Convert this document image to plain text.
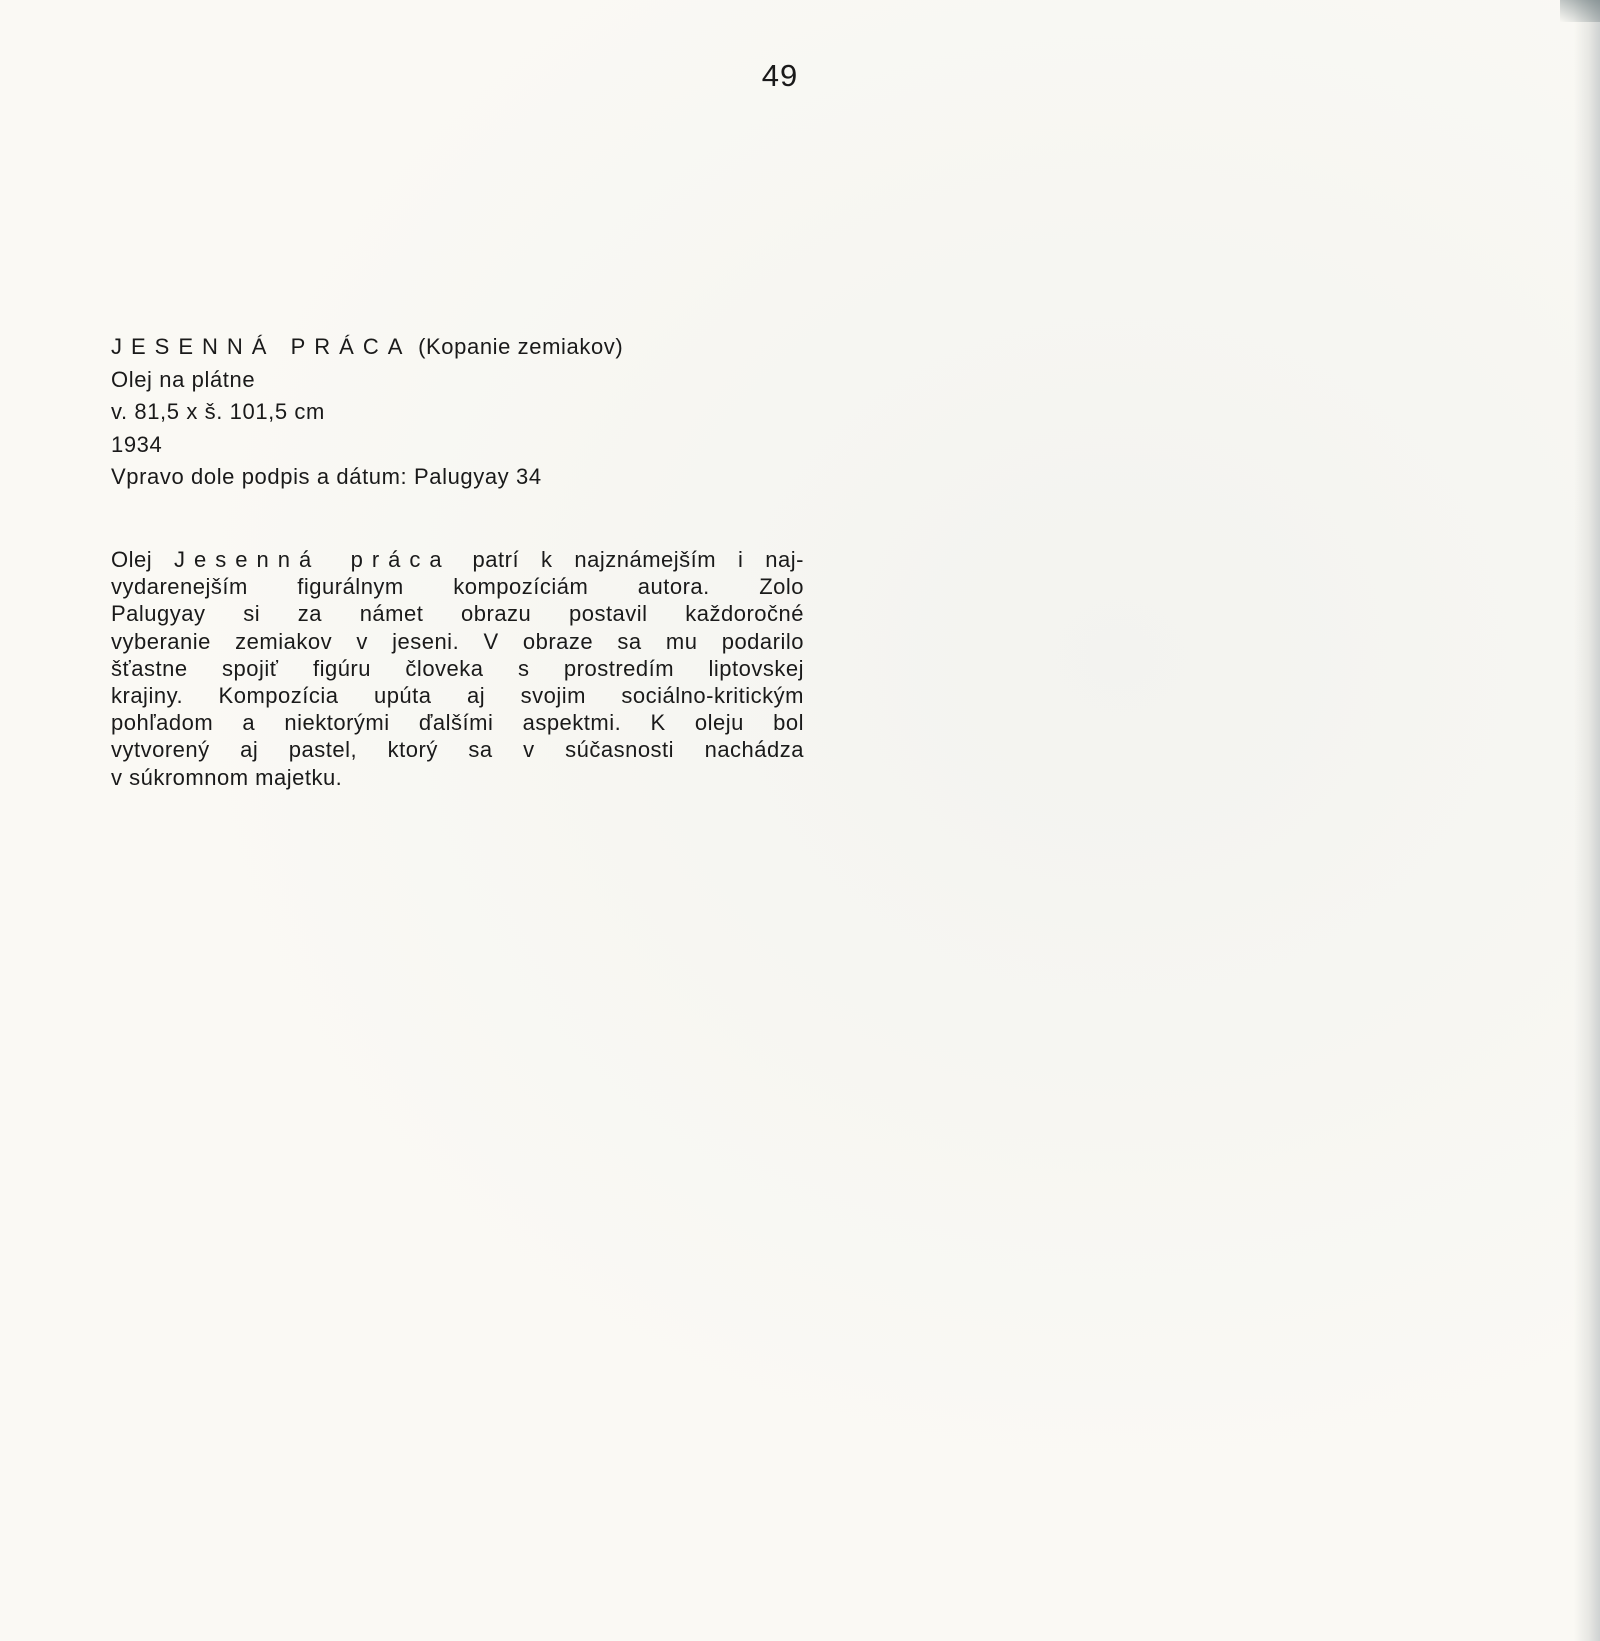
49
JESENNÁ PRÁCA (Kopanie zemiakov)
Olej na plátne
v. 81,5 x š. 101,5 cm
1934
Vpravo dole podpis a dátum: Palugyay 34
Olej Jesenná práca patrí k najznámejším i naj-
vydarenejším figurálnym kompozíciám autora. Zolo
Palugyay si za námet obrazu postavil každoročné
vyberanie zemiakov v jeseni. V obraze sa mu podarilo
šťastne spojiť figúru človeka s prostredím liptovskej
krajiny. Kompozícia upúta aj svojim sociálno-kritickým
pohľadom a niektorými ďalšími aspektmi. K oleju bol
vytvorený aj pastel, ktorý sa v súčasnosti nachádza
v súkromnom majetku.
